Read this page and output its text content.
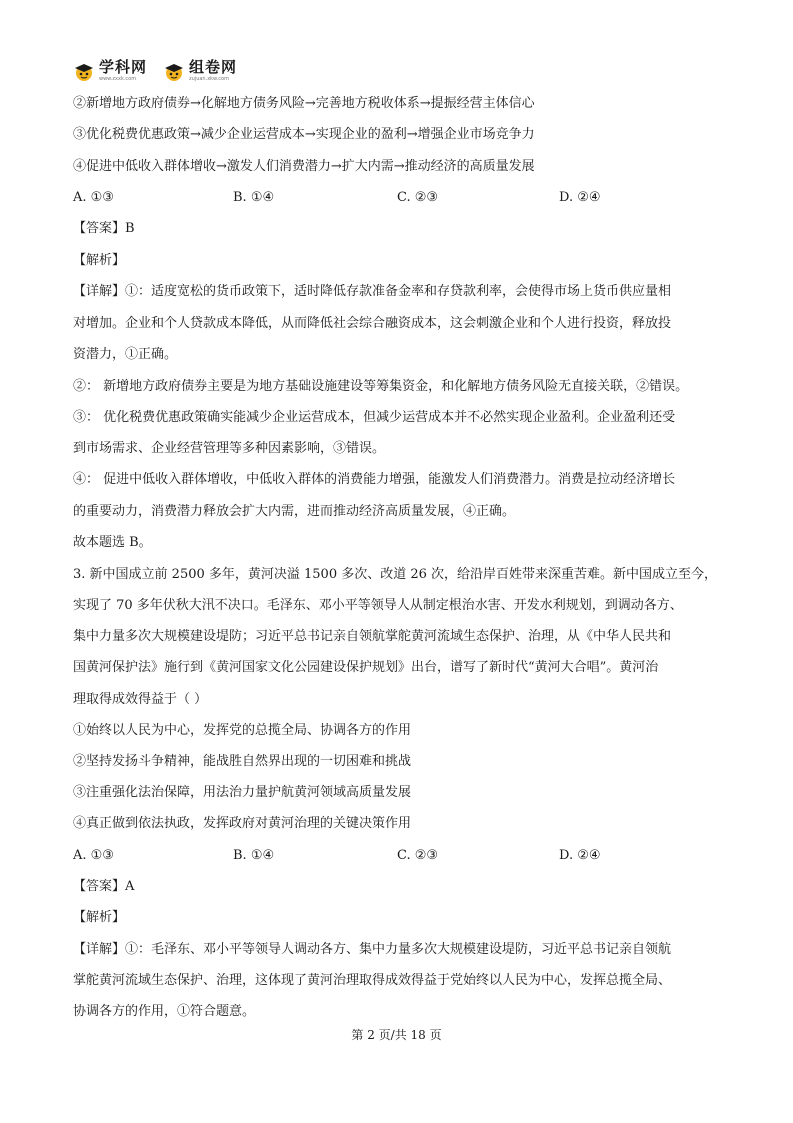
学科网
www.zxxk.com
组卷网
zujuan.xkw.com
②新增地方政府债券→化解地方债务风险→完善地方税收体系→提振经营主体信心
③优化税费优惠政策→减少企业运营成本→实现企业的盈利→增强企业市场竞争力
④促进中低收入群体增收→激发人们消费潜力→扩大内需→推动经济的高质量发展
A. ①③	B. ①④	C. ②③	D. ②④
【答案】B
【解析】
【详解】①：适度宽松的货币政策下，适时降低存款准备金率和存贷款利率，会使得市场上货币供应量相
对增加。企业和个人贷款成本降低，从而降低社会综合融资成本，这会刺激企业和个人进行投资，释放投
资潜力，①正确。
②： 新增地方政府债券主要是为地方基础设施建设等筹集资金，和化解地方债务风险无直接关联，②错误。
③： 优化税费优惠政策确实能减少企业运营成本，但减少运营成本并不必然实现企业盈利。企业盈利还受
到市场需求、企业经营管理等多种因素影响，③错误。
④： 促进中低收入群体增收，中低收入群体的消费能力增强，能激发人们消费潜力。消费是拉动经济增长
的重要动力，消费潜力释放会扩大内需，进而推动经济高质量发展，④正确。
故本题选 B。
3. 新中国成立前 2500 多年，黄河决溢 1500 多次、改道 26 次，给沿岸百姓带来深重苦难。新中国成立至今，
实现了 70 多年伏秋大汛不决口。毛泽东、邓小平等领导人从制定根治水害、开发水利规划，到调动各方、
集中力量多次大规模建设堤防；习近平总书记亲自领航掌舵黄河流域生态保护、治理，从《中华人民共和
国黄河保护法》施行到《黄河国家文化公园建设保护规划》出台，谱写了新时代“黄河大合唱”。黄河治
理取得成效得益于（ ）
①始终以人民为中心，发挥党的总揽全局、协调各方的作用
②坚持发扬斗争精神，能战胜自然界出现的一切困难和挑战
③注重强化法治保障，用法治力量护航黄河领域高质量发展
④真正做到依法执政，发挥政府对黄河治理的关键决策作用
A. ①③	B. ①④	C. ②③	D. ②④
【答案】A
【解析】
【详解】①：毛泽东、邓小平等领导人调动各方、集中力量多次大规模建设堤防，习近平总书记亲自领航
掌舵黄河流域生态保护、治理，这体现了黄河治理取得成效得益于党始终以人民为中心，发挥总揽全局、
协调各方的作用，①符合题意。
第 2 页/共 18 页
